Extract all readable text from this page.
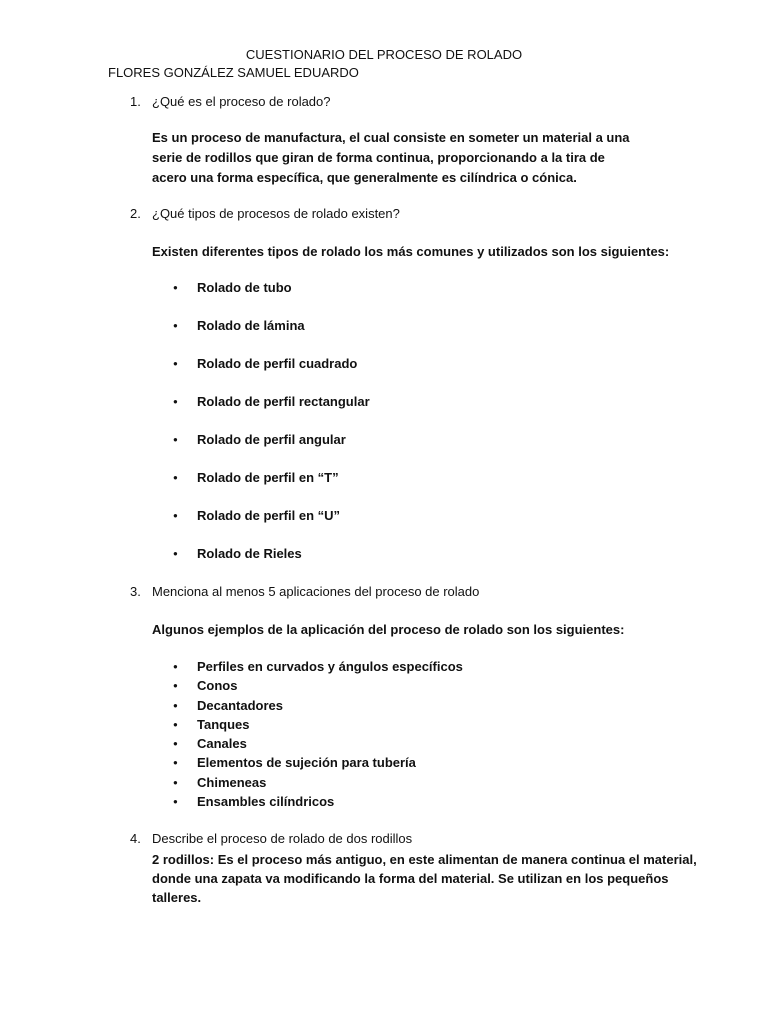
CUESTIONARIO DEL PROCESO DE ROLADO
FLORES GONZÁLEZ SAMUEL EDUARDO
1. ¿Qué es el proceso de rolado?
Es un proceso de manufactura, el cual consiste en someter un material a una serie de rodillos que giran de forma continua, proporcionando a la tira de acero una forma específica, que generalmente es cilíndrica o cónica.
2. ¿Qué tipos de procesos de rolado existen?
Existen diferentes tipos de rolado los más comunes y utilizados son los siguientes:
● Rolado de tubo
● Rolado de lámina
● Rolado de perfil cuadrado
● Rolado de perfil rectangular
● Rolado de perfil angular
● Rolado de perfil en “T”
● Rolado de perfil en “U”
● Rolado de Rieles
3. Menciona al menos 5 aplicaciones del proceso de rolado
Algunos ejemplos de la aplicación del proceso de rolado son los siguientes:
● Perfiles en curvados y ángulos específicos
● Conos
● Decantadores
● Tanques
● Canales
● Elementos de sujeción para tubería
● Chimeneas
● Ensambles cilíndricos
4. Describe el proceso de rolado de dos rodillos
2 rodillos: Es el proceso más antiguo, en este alimentan de manera continua el material, donde una zapata va modificando la forma del material. Se utilizan en los pequeños talleres.
